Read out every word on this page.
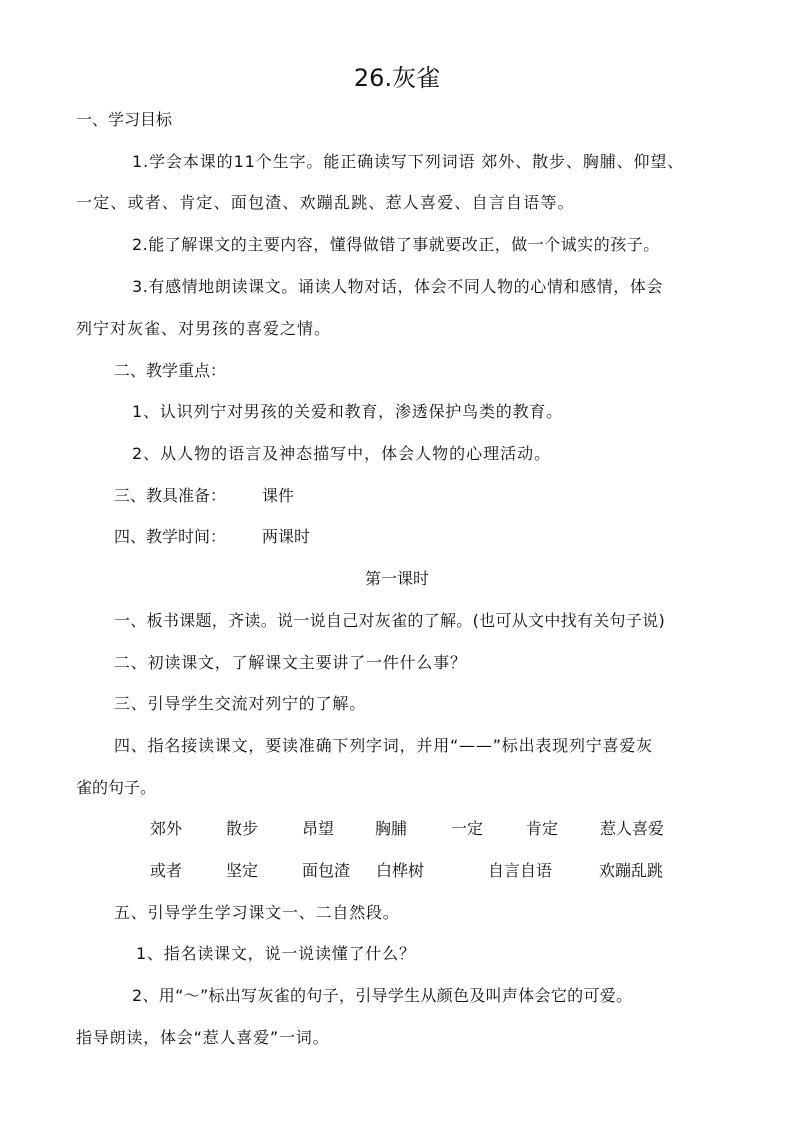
26.灰雀
一、学习目标
1.学会本课的11个生字。能正确读写下列词语 郊外、散步、胸脯、仰望、
一定、或者、肯定、面包渣、欢蹦乱跳、惹人喜爱、自言自语等。
2.能了解课文的主要内容，懂得做错了事就要改正，做一个诚实的孩子。
3.有感情地朗读课文。诵读人物对话，体会不同人物的心情和感情，体会
列宁对灰雀、对男孩的喜爱之情。
二、教学重点：
1、认识列宁对男孩的关爱和教育，渗透保护鸟类的教育。
2、从人物的语言及神态描写中，体会人物的心理活动。
三、教具准备： 课件
四、教学时间： 两课时
第一课时
一、板书课题，齐读。说一说自己对灰雀的了解。(也可从文中找有关句子说)
二、初读课文，了解课文主要讲了一件什么事？
三、引导学生交流对列宁的了解。
四、指名接读课文，要读准确下列字词，并用“——”标出表现列宁喜爱灰
雀的句子。
郊外	散步	昂望	胸脯	一定	肯定	惹人喜爱
或者	坚定	面包渣 白桦树	自言自语	欢蹦乱跳
五、引导学生学习课文一、二自然段。
1、指名读课文，说一说读懂了什么？
2、用“～”标出写灰雀的句子，引导学生从颜色及叫声体会它的可爱。
指导朗读，体会“惹人喜爱”一词。
